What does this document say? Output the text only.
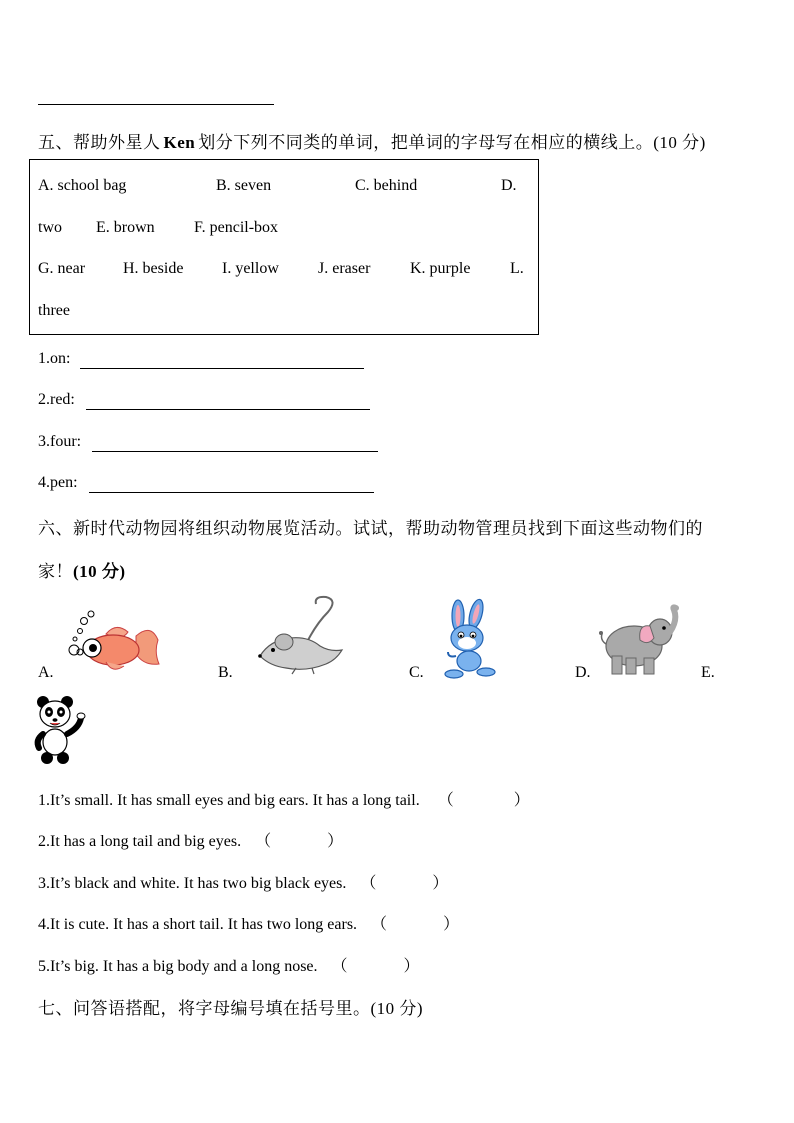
五、帮助外星人 Ken 划分下列不同类的单词，把单词的字母写在相应的横线上。(10 分)
A. school bag	B. seven	C. behind	D.
two E. brown F. pencil-box
G. near H. beside I. yellow J. eraser K. purple L.
three
1.on:
2.red:
3.four:
4.pen:
六、新时代动物园将组织动物展览活动。试试，帮助动物管理员找到下面这些动物们的
家！(10 分)
A.	B.	C.	D.	E.
1.It’s small. It has small eyes and big ears. It has a long tail. （	）
2.It has a long tail and big eyes. （	）
3.It’s black and white. It has two big black eyes. （	）
4.It is cute. It has a short tail. It has two long ears. （	）
5.It’s big. It has a big body and a long nose. （	）
七、问答语搭配，将字母编号填在括号里。(10 分)
